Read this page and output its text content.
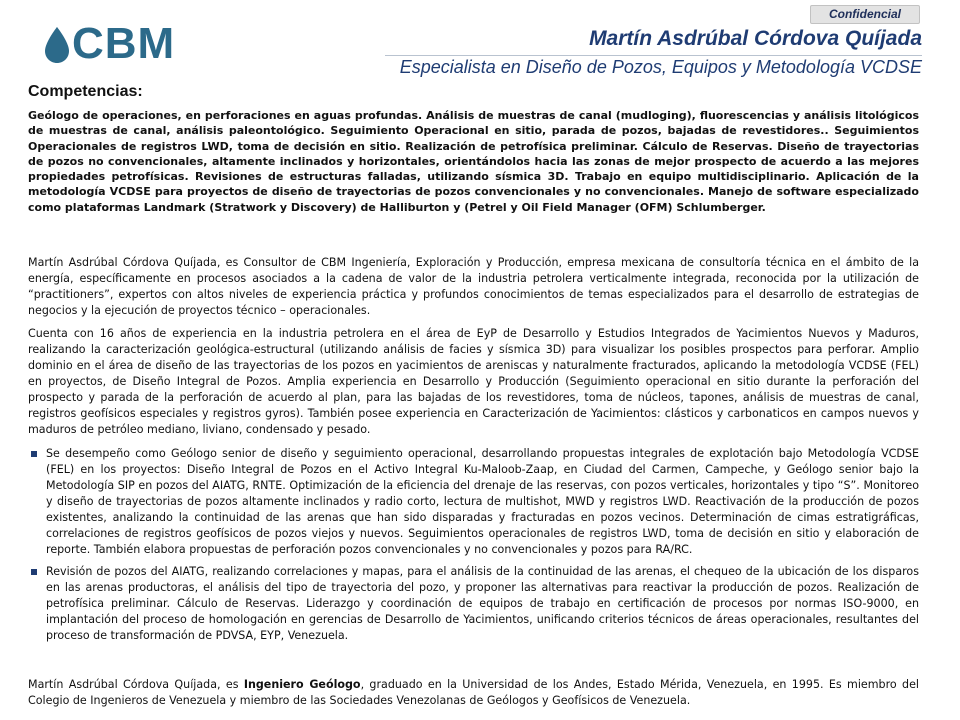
Confidencial
CBM	Martín Asdrúbal Córdova Quíjada
Especialista en Diseño de Pozos, Equipos y Metodología VCDSE
Competencias:

Geólogo de operaciones, en perforaciones en aguas profundas. Análisis de muestras de canal (mudloging), fluorescencias y análisis litológicos de muestras de canal, análisis paleontológico. Seguimiento Operacional en sitio, parada de pozos, bajadas de revestidores.. Seguimientos Operacionales de registros LWD, toma de decisión en sitio. Realización de petrofísica preliminar. Cálculo de Reservas. Diseño de trayectorias de pozos no convencionales, altamente inclinados y horizontales, orientándolos hacia las zonas de mejor prospecto de acuerdo a las mejores propiedades petrofísicas. Revisiones de estructuras falladas, utilizando sísmica 3D. Trabajo en equipo multidisciplinario. Aplicación de la metodología VCDSE para proyectos de diseño de trayectorias de pozos convencionales y no convencionales. Manejo de software especializado como plataformas Landmark (Stratwork y Discovery) de Halliburton y (Petrel y Oil Field Manager (OFM) Schlumberger.

Martín Asdrúbal Córdova Quíjada, es Consultor de CBM Ingeniería, Exploración y Producción, empresa mexicana de consultoría técnica en el ámbito de la energía, específicamente en procesos asociados a la cadena de valor de la industria petrolera verticalmente integrada, reconocida por la utilización de “practitioners”, expertos con altos niveles de experiencia práctica y profundos conocimientos de temas especializados para el desarrollo de estrategias de negocios y la ejecución de proyectos técnico – operacionales.

Cuenta con 16 años de experiencia en la industria petrolera en el área de EyP de Desarrollo y Estudios Integrados de Yacimientos Nuevos y Maduros, realizando la caracterización geológica-estructural (utilizando análisis de facies y sísmica 3D) para visualizar los posibles prospectos para perforar. Amplio dominio en el área de diseño de las trayectorias de los pozos en yacimientos de areniscas y naturalmente fracturados, aplicando la metodología VCDSE (FEL) en proyectos, de Diseño Integral de Pozos. Amplia experiencia en Desarrollo y Producción (Seguimiento operacional en sitio durante la perforación del prospecto y parada de la perforación de acuerdo al plan, para las bajadas de los revestidores, toma de núcleos, tapones, análisis de muestras de canal, registros geofísicos especiales y registros gyros). También posee experiencia en Caracterización de Yacimientos: clásticos y carbonaticos en campos nuevos y maduros de petróleo mediano, liviano, condensado y pesado.

Se desempeño como Geólogo senior de diseño y seguimiento operacional, desarrollando propuestas integrales de explotación bajo Metodología VCDSE (FEL) en los proyectos: Diseño Integral de Pozos en el Activo Integral Ku-Maloob-Zaap, en Ciudad del Carmen, Campeche, y Geólogo senior bajo la Metodología SIP en pozos del AIATG, RNTE. Optimización de la eficiencia del drenaje de las reservas, con pozos verticales, horizontales y tipo “S”. Monitoreo y diseño de trayectorias de pozos altamente inclinados y radio corto, lectura de multishot, MWD y registros LWD. Reactivación de la producción de pozos existentes, analizando la continuidad de las arenas que han sido disparadas y fracturadas en pozos vecinos. Determinación de cimas estratigráficas, correlaciones de registros geofísicos de pozos viejos y nuevos. Seguimientos operacionales de registros LWD, toma de decisión en sitio y elaboración de reporte. También elabora propuestas de perforación pozos convencionales y no convencionales y pozos para RA/RC.
Revisión de pozos del AIATG, realizando correlaciones y mapas, para el análisis de la continuidad de las arenas, el chequeo de la ubicación de los disparos en las arenas productoras, el análisis del tipo de trayectoria del pozo, y proponer las alternativas para reactivar la producción de pozos. Realización de petrofísica preliminar. Cálculo de Reservas. Liderazgo y coordinación de equipos de trabajo en certificación de procesos por normas ISO-9000, en implantación del proceso de homologación en gerencias de Desarrollo de Yacimientos, unificando criterios técnicos de áreas operacionales, resultantes del proceso de transformación de PDVSA, EYP, Venezuela.

Martín Asdrúbal Córdova Quíjada, es Ingeniero Geólogo, graduado en la Universidad de los Andes, Estado Mérida, Venezuela, en 1995. Es miembro del Colegio de Ingenieros de Venezuela y miembro de las Sociedades Venezolanas de Geólogos y Geofísicos de Venezuela.
